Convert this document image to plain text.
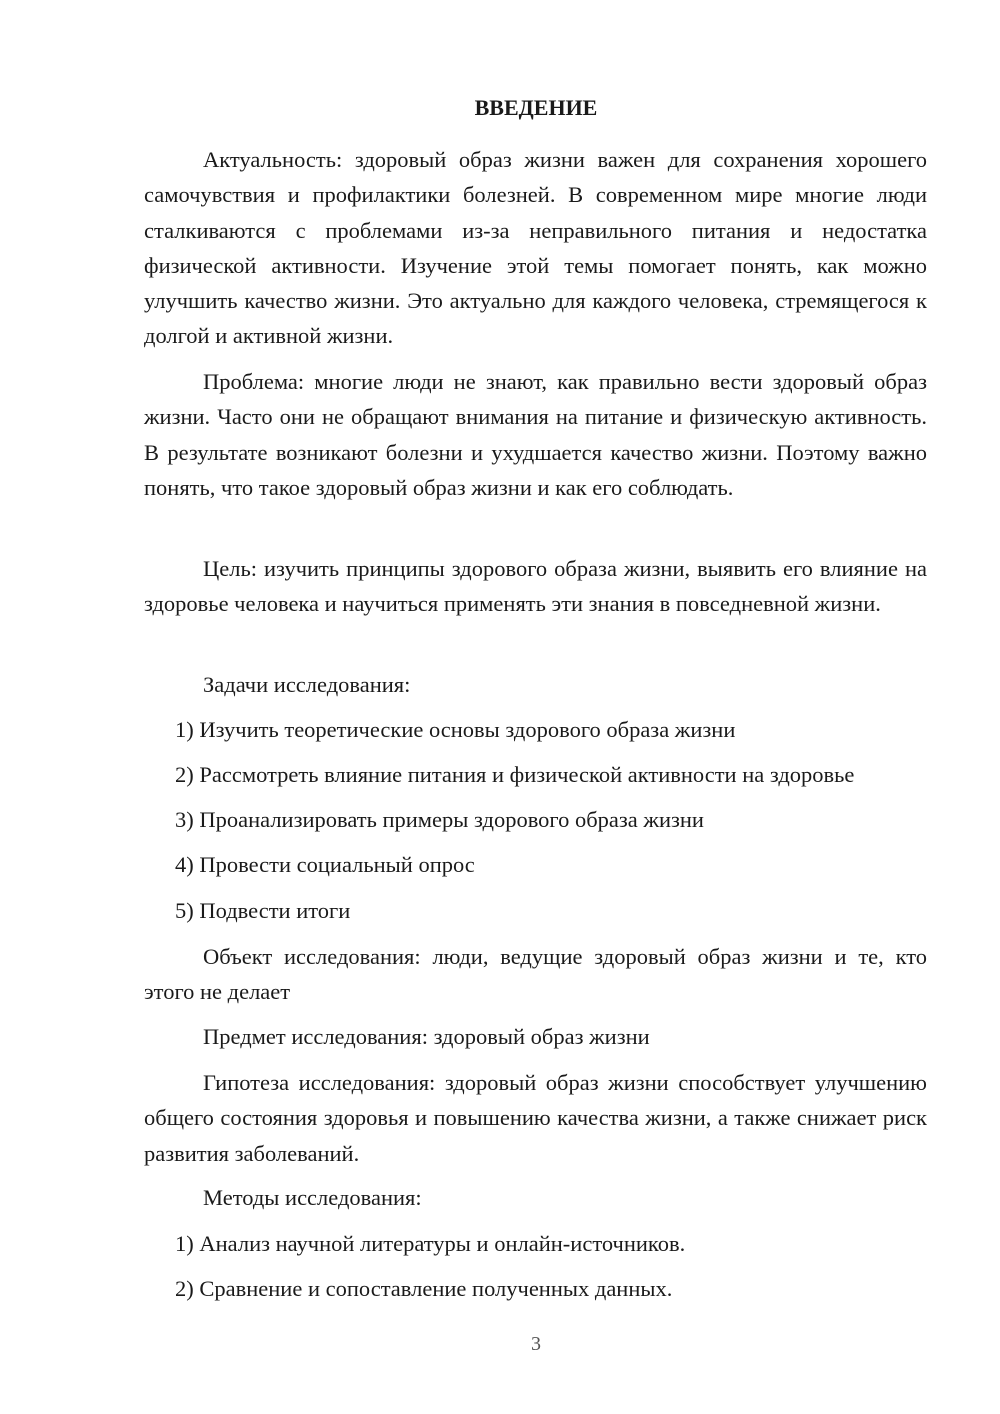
ВВЕДЕНИЕ

Актуальность: здоровый образ жизни важен для сохранения хорошего самочувствия и профилактики болезней. В современном мире многие люди сталкиваются с проблемами из-за неправильного питания и недостатка физической активности. Изучение этой темы помогает понять, как можно улучшить качество жизни. Это актуально для каждого человека, стремящегося к долгой и активной жизни.

Проблема: многие люди не знают, как правильно вести здоровый образ жизни. Часто они не обращают внимания на питание и физическую активность. В результате возникают болезни и ухудшается качество жизни. Поэтому важно понять, что такое здоровый образ жизни и как его соблюдать.

Цель: изучить принципы здорового образа жизни, выявить его влияние на здоровье человека и научиться применять эти знания в повседневной жизни.

Задачи исследования:
1) Изучить теоретические основы здорового образа жизни
2) Рассмотреть влияние питания и физической активности на здоровье
3) Проанализировать примеры здорового образа жизни
4) Провести социальный опрос
5) Подвести итоги

Объект исследования: люди, ведущие здоровый образ жизни и те, кто этого не делает

Предмет исследования: здоровый образ жизни

Гипотеза исследования: здоровый образ жизни способствует улучшению общего состояния здоровья и повышению качества жизни, а также снижает риск развития заболеваний.

Методы исследования:
1) Анализ научной литературы и онлайн-источников.
2) Сравнение и сопоставление полученных данных.
3
